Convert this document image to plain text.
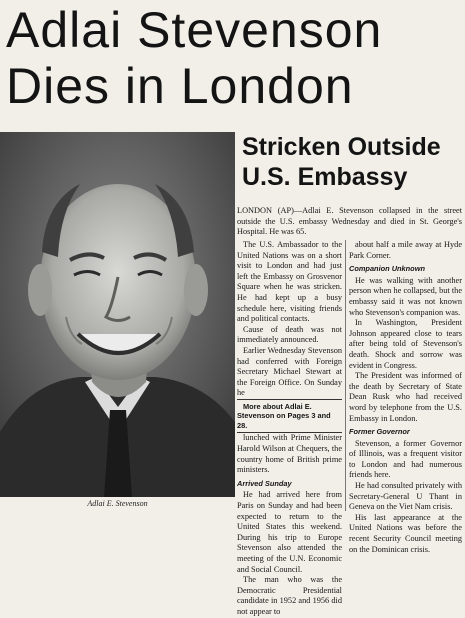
Adlai Stevenson
Dies in London
Adlai E. Stevenson
Stricken Outside
U.S. Embassy

LONDON (AP)—Adlai E. Stevenson collapsed in the street outside the U.S. embassy Wednesday and died in St. George's Hospital. He was 65.

The U.S. Ambassador to the United Nations was on a short visit to London and had just left the Embassy on Grosvenor Square when he was stricken. He had kept up a busy schedule here, visiting friends and political contacts.

Cause of death was not immediately announced.

Earlier Wednesday Stevenson had conferred with Foreign Secretary Michael Stewart at the Foreign Office. On Sunday he

More about Adlai E. Stevenson on Pages 3 and 28.

lunched with Prime Minister Harold Wilson at Chequers, the country home of British prime ministers.

Arrived Sunday

He had arrived here from Paris on Sunday and had been expected to return to the United States this weekend. During his trip to Europe Stevenson also attended the meeting of the U.N. Economic and Social Council.

The man who was the Democratic Presidential candidate in 1952 and 1956 did not appear to

about half a mile away at Hyde Park Corner.

Companion Unknown

He was walking with another person when he collapsed, but the embassy said it was not known who Stevenson's companion was.

In Washington, President Johnson appeared close to tears after being told of Stevenson's death. Shock and sorrow was evident in Congress.

The President was informed of the death by Secretary of State Dean Rusk who had received word by telephone from the U.S. Embassy in London.

Former Governor

Stevenson, a former Governor of Illinois, was a frequent visitor to London and had numerous friends here.

He had consulted privately with Secretary-General U Thant in Geneva on the Viet Nam crisis.

His last appearance at the United Nations was before the recent Security Council meeting on the Dominican crisis.
